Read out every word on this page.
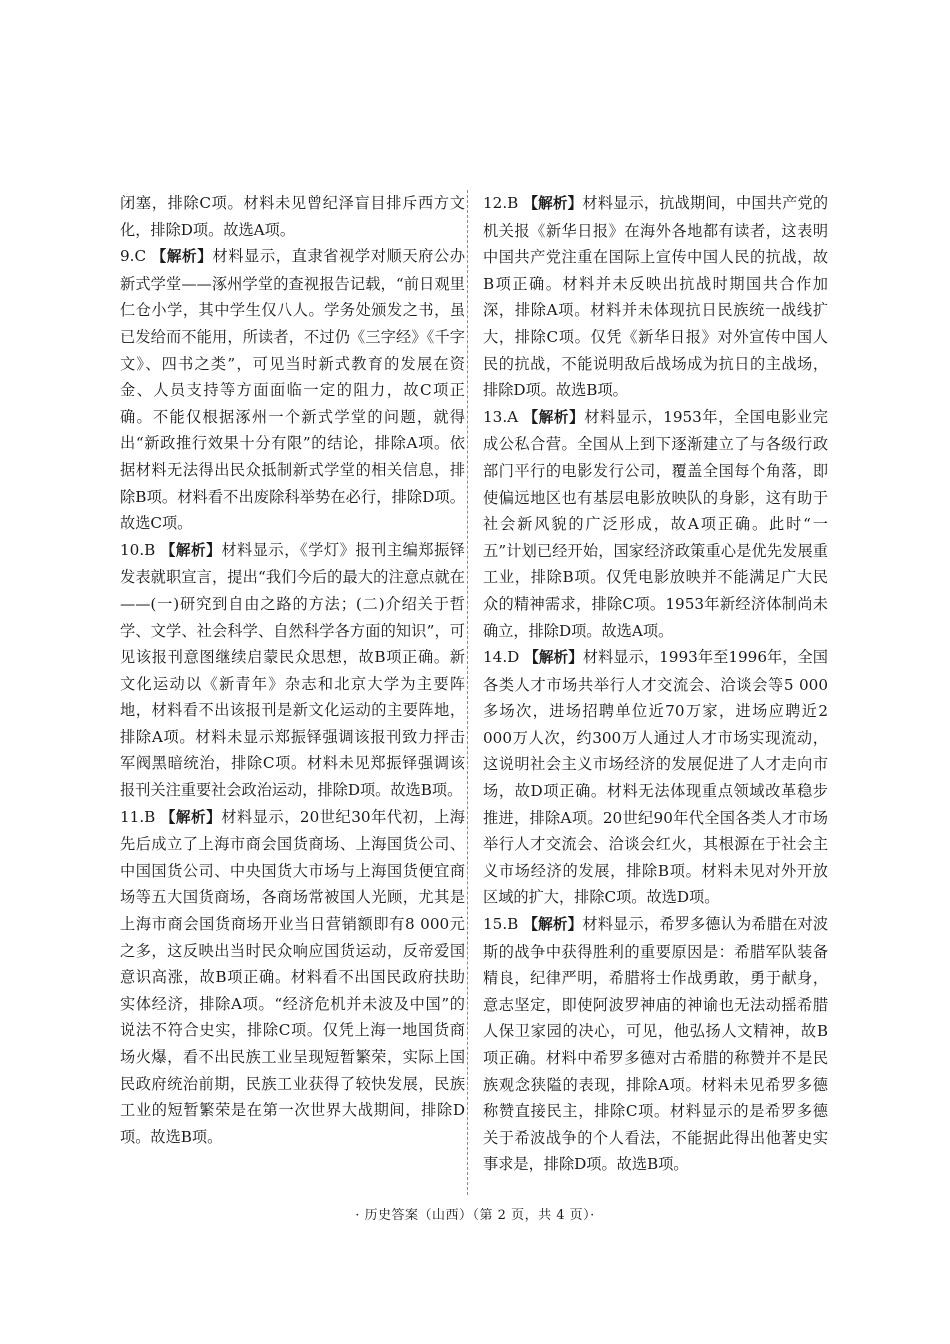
闭塞，排除C项。材料未见曾纪泽盲目排斥西方文化，排除D项。故选A项。

9.C 【解析】材料显示，直隶省视学对顺天府公办新式学堂——涿州学堂的查视报告记载，“前日观里仁仓小学，其中学生仅八人。学务处颁发之书，虽已发给而不能用，所读者，不过仍《三字经》《千字文》、四书之类”，可见当时新式教育的发展在资金、人员支持等方面面临一定的阻力，故C项正确。不能仅根据涿州一个新式学堂的问题，就得出“新政推行效果十分有限”的结论，排除A项。依据材料无法得出民众抵制新式学堂的相关信息，排除B项。材料看不出废除科举势在必行，排除D项。故选C项。

10.B 【解析】材料显示，《学灯》报刊主编郑振铎发表就职宣言，提出“我们今后的最大的注意点就在——(一)研究到自由之路的方法；(二)介绍关于哲学、文学、社会科学、自然科学各方面的知识”，可见该报刊意图继续启蒙民众思想，故B项正确。新文化运动以《新青年》杂志和北京大学为主要阵地，材料看不出该报刊是新文化运动的主要阵地，排除A项。材料未显示郑振铎强调该报刊致力抨击军阀黑暗统治，排除C项。材料未见郑振铎强调该报刊关注重要社会政治运动，排除D项。故选B项。

11.B 【解析】材料显示，20世纪30年代初，上海先后成立了上海市商会国货商场、上海国货公司、中国国货公司、中央国货大市场与上海国货便宜商场等五大国货商场，各商场常被国人光顾，尤其是上海市商会国货商场开业当日营销额即有8 000元之多，这反映出当时民众响应国货运动，反帝爱国意识高涨，故B项正确。材料看不出国民政府扶助实体经济，排除A项。“经济危机并未波及中国”的说法不符合史实，排除C项。仅凭上海一地国货商场火爆，看不出民族工业呈现短暂繁荣，实际上国民政府统治前期，民族工业获得了较快发展，民族工业的短暂繁荣是在第一次世界大战期间，排除D项。故选B项。

12.B 【解析】材料显示，抗战期间，中国共产党的机关报《新华日报》在海外各地都有读者，这表明中国共产党注重在国际上宣传中国人民的抗战，故B项正确。材料并未反映出抗战时期国共合作加深，排除A项。材料并未体现抗日民族统一战线扩大，排除C项。仅凭《新华日报》对外宣传中国人民的抗战，不能说明敌后战场成为抗日的主战场，排除D项。故选B项。

13.A 【解析】材料显示，1953年，全国电影业完成公私合营。全国从上到下逐渐建立了与各级行政部门平行的电影发行公司，覆盖全国每个角落，即使偏远地区也有基层电影放映队的身影，这有助于社会新风貌的广泛形成，故A项正确。此时“一五”计划已经开始，国家经济政策重心是优先发展重工业，排除B项。仅凭电影放映并不能满足广大民众的精神需求，排除C项。1953年新经济体制尚未确立，排除D项。故选A项。

14.D 【解析】材料显示，1993年至1996年，全国各类人才市场共举行人才交流会、洽谈会等5 000多场次，进场招聘单位近70万家，进场应聘近2 000万人次，约300万人通过人才市场实现流动，这说明社会主义市场经济的发展促进了人才走向市场，故D项正确。材料无法体现重点领域改革稳步推进，排除A项。20世纪90年代全国各类人才市场举行人才交流会、洽谈会红火，其根源在于社会主义市场经济的发展，排除B项。材料未见对外开放区域的扩大，排除C项。故选D项。

15.B 【解析】材料显示，希罗多德认为希腊在对波斯的战争中获得胜利的重要原因是：希腊军队装备精良，纪律严明，希腊将士作战勇敢，勇于献身，意志坚定，即使阿波罗神庙的神谕也无法动摇希腊人保卫家园的决心，可见，他弘扬人文精神，故B项正确。材料中希罗多德对古希腊的称赞并不是民族观念狭隘的表现，排除A项。材料未见希罗多德称赞直接民主，排除C项。材料显示的是希罗多德关于希波战争的个人看法，不能据此得出他著史实事求是，排除D项。故选B项。

· 历史答案（山西）（第 2 页，共 4 页）·
